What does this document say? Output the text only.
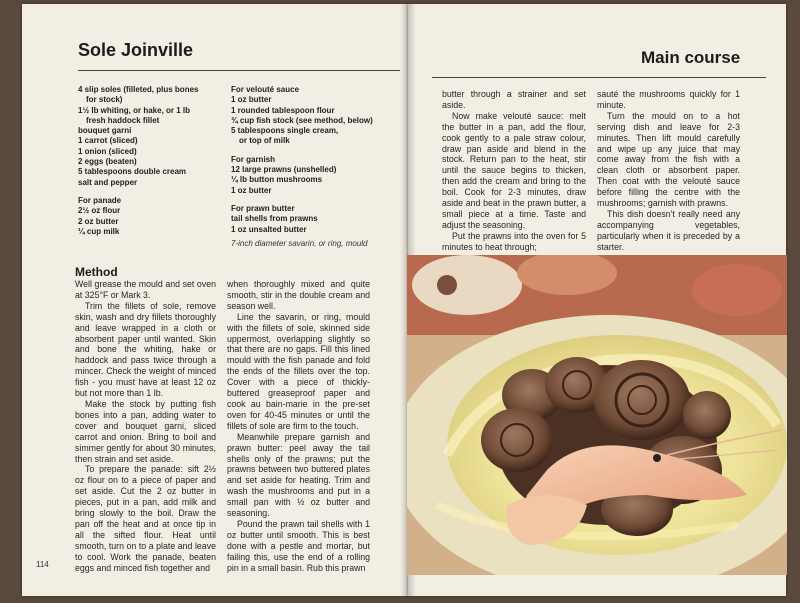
Sole Joinville	Main course

4 slip soles (filleted, plus bones

for stock)

1½ lb whiting, or hake, or 1 lb

fresh haddock fillet

bouquet garni

1 carrot (sliced)

1 onion (sliced)

2 eggs (beaten)

5 tablespoons double cream

salt and pepper

For panade

2½ oz flour

2 oz butter

¼ cup milk

For velouté sauce

1 oz butter

1 rounded tablespoon flour

¾ cup fish stock (see method, below)

5 tablespoons single cream,

or top of milk

For garnish

12 large prawns (unshelled)

¼ lb button mushrooms

1 oz butter

For prawn butter

tail shells from prawns

1 oz unsalted butter

7-inch diameter savarin, or ring, mould

Method

Well grease the mould and set oven at 325°F or Mark 3.

Trim the fillets of sole, remove skin, wash and dry fillets thoroughly and leave wrapped in a cloth or absorbent paper until wanted. Skin and bone the whiting, hake or haddock and pass twice through a mincer. Check the weight of minced fish - you must have at least 12 oz but not more than 1 lb.

Make the stock by putting fish bones into a pan, adding water to cover and bouquet garni, sliced carrot and onion. Bring to boil and simmer gently for about 30 minutes, then strain and set aside.

To prepare the panade: sift 2½ oz flour on to a piece of paper and set aside. Cut the 2 oz butter in pieces, put in a pan, add milk and bring slowly to the boil. Draw the pan off the heat and at once tip in all the sifted flour. Heat until smooth, turn on to a plate and leave to cool. Work the panade, beaten eggs and minced fish together and

when thoroughly mixed and quite smooth, stir in the double cream and season well.

Line the savarin, or ring, mould with the fillets of sole, skinned side uppermost, overlapping slightly so that there are no gaps. Fill this lined mould with the fish panade and fold the ends of the fillets over the top. Cover with a piece of thickly-buttered greaseproof paper and cook au bain-marie in the pre-set oven for 40-45 minutes or until the fillets of sole are firm to the touch.

Meanwhile prepare garnish and prawn butter: peel away the tail shells only of the prawns; put the prawns between two buttered plates and set aside for heating. Trim and wash the mushrooms and put in a small pan with ½ oz butter and seasoning.

Pound the prawn tail shells with 1 oz butter until smooth. This is best done with a pestle and mortar, but failing this, use the end of a rolling pin in a small basin. Rub this prawn

butter through a strainer and set aside.

Now make velouté sauce: melt the butter in a pan, add the flour, cook gently to a pale straw colour, draw pan aside and blend in the stock. Return pan to the heat, stir until the sauce begins to thicken, then add the cream and bring to the boil. Cook for 2-3 minutes, draw aside and beat in the prawn butter, a small piece at a time. Taste and adjust the seasoning.

Put the prawns into the oven for 5 minutes to heat through;

sauté the mushrooms quickly for 1 minute.

Turn the mould on to a hot serving dish and leave for 2-3 minutes. Then lift mould carefully and wipe up any juice that may come away from the fish with a clean cloth or absorbent paper. Then coat with the velouté sauce before filling the centre with the mushrooms; garnish with prawns.

This dish doesn't really need any accompanying vegetables, particularly when it is preceded by a starter.

114
